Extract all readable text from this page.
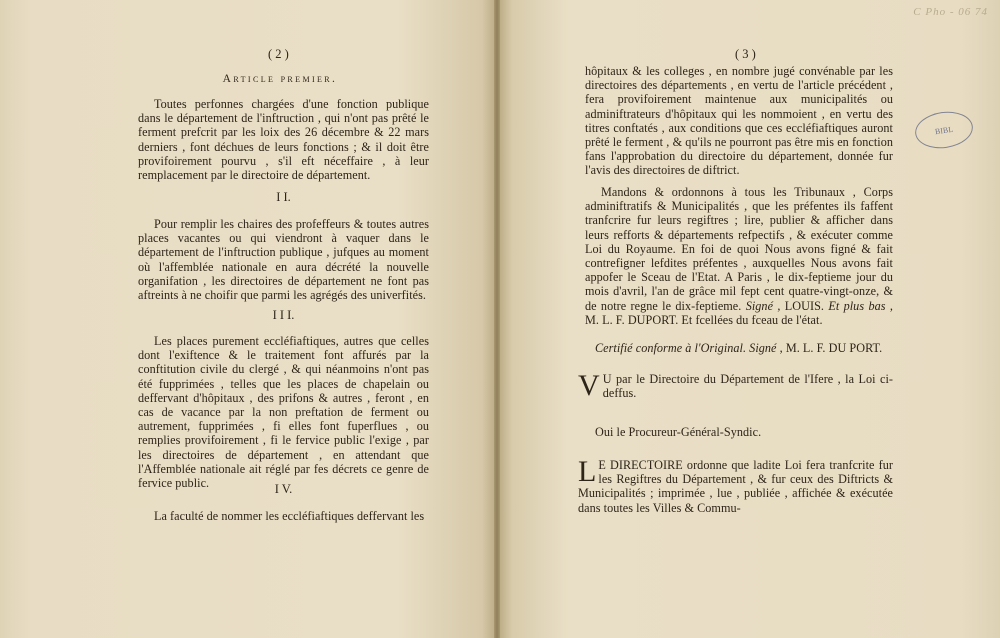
( 2 )
Article premier.

Toutes perfonnes chargées d'une fonction publique dans le département de l'inftruction , qui n'ont pas prêté le ferment prefcrit par les loix des 26 décembre & 22 mars derniers , font déchues de leurs fonctions ; & il doit être provifoirement pourvu , s'il eft néceffaire , à leur remplacement par le directoire de département.

I I.

Pour remplir les chaires des profeffeurs & toutes autres places vacantes ou qui viendront à vaquer dans le département de l'inftruction publique , jufques au moment où l'affemblée nationale en aura décrété la nouvelle organifation , les directoires de département ne font pas aftreints à ne choifir que parmi les agrégés des univerfités.

I I I.

Les places purement eccléfiaftiques, autres que celles dont l'exiftence & le traitement font affurés par la conftitution civile du clergé , & qui néanmoins n'ont pas été fupprimées , telles que les places de chapelain ou deffervant d'hôpitaux , des prifons & autres , feront , en cas de vacance par la non preftation de ferment ou autrement, fupprimées , fi elles font fuperflues , ou remplies provifoirement , fi le fervice public l'exige , par les directoires de département , en attendant que l'Affemblée nationale ait réglé par fes décrets ce genre de fervice public.	I V.

La faculté de nommer les eccléfiaftiques deffervant les

( 3 )
C Pho - 06 74
BIBL

hôpitaux & les colleges , en nombre jugé convénable par les directoires des départements , en vertu de l'article précédent , fera provifoirement maintenue aux municipalités ou adminiftrateurs d'hôpitaux qui les nommoient , en vertu des titres conftatés , aux conditions que ces eccléfiaftiques auront prêté le ferment , & qu'ils ne pourront pas être mis en fonction fans l'approbation du directoire du département, donnée fur l'avis des directoires de diftrict.

Mandons & ordonnons à tous les Tribunaux , Corps adminiftratifs & Municipalités , que les préfentes ils faffent tranfcrire fur leurs regiftres ; lire, publier & afficher dans leurs refforts & départements refpectifs , & exécuter comme Loi du Royaume. En foi de quoi Nous avons figné & fait contrefigner lefdites préfentes , auxquelles Nous avons fait appofer le Sceau de l'Etat. A Paris , le dix-feptieme jour du mois d'avril, l'an de grâce mil fept cent quatre-vingt-onze, & de notre regne le dix-feptieme. Signé , LOUIS. Et plus bas , M. L. F. DUPORT. Et fcellées du fceau de l'état.

Certifié conforme à l'Original. Signé , M. L. F. DU PORT.

V U par le Directoire du Département de l'Ifere , la Loi ci-deffus.

Oui le Procureur-Général-Syndic.

L E DIRECTOIRE ordonne que ladite Loi fera tranfcrite fur les Regiftres du Département , & fur ceux des Diftricts & Municipalités ; imprimée , lue , publiée , affichée & exécutée dans toutes les Villes & Commu-
